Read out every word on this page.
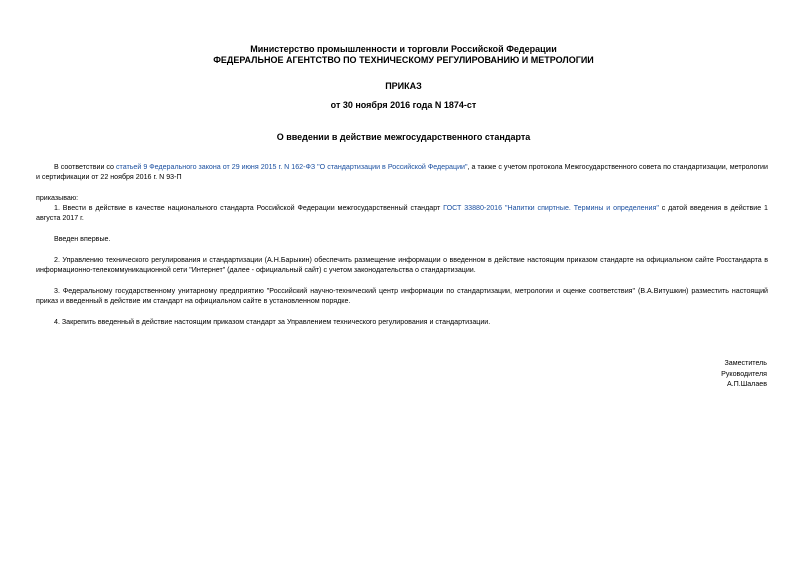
Министерство промышленности и торговли Российской Федерации
ФЕДЕРАЛЬНОЕ АГЕНТСТВО ПО ТЕХНИЧЕСКОМУ РЕГУЛИРОВАНИЮ И МЕТРОЛОГИИ
ПРИКАЗ
от 30 ноября 2016 года N 1874-ст
О введении в действие межгосударственного стандарта
В соответствии со статьей 9 Федерального закона от 29 июня 2015 г. N 162-ФЗ "О стандартизации в Российской Федерации", а также с учетом протокола Межгосударственного совета по стандартизации, метрологии и сертификации от 22 ноября 2016 г. N 93-П
приказываю:
1. Ввести в действие в качестве национального стандарта Российской Федерации межгосударственный стандарт ГОСТ 33880-2016 "Напитки спиртные. Термины и определения" с датой введения в действие 1 августа 2017 г.
Введен впервые.
2. Управлению технического регулирования и стандартизации (А.Н.Барыкин) обеспечить размещение информации о введенном в действие настоящим приказом стандарте на официальном сайте Росстандарта в информационно-телекоммуникационной сети "Интернет" (далее - официальный сайт) с учетом законодательства о стандартизации.
3. Федеральному государственному унитарному предприятию "Российский научно-технический центр информации по стандартизации, метрологии и оценке соответствия" (В.А.Витушкин) разместить настоящий приказ и введенный в действие им стандарт на официальном сайте в установленном порядке.
4. Закрепить введенный в действие настоящим приказом стандарт за Управлением технического регулирования и стандартизации.
Заместитель
Руководителя
А.П.Шалаев
